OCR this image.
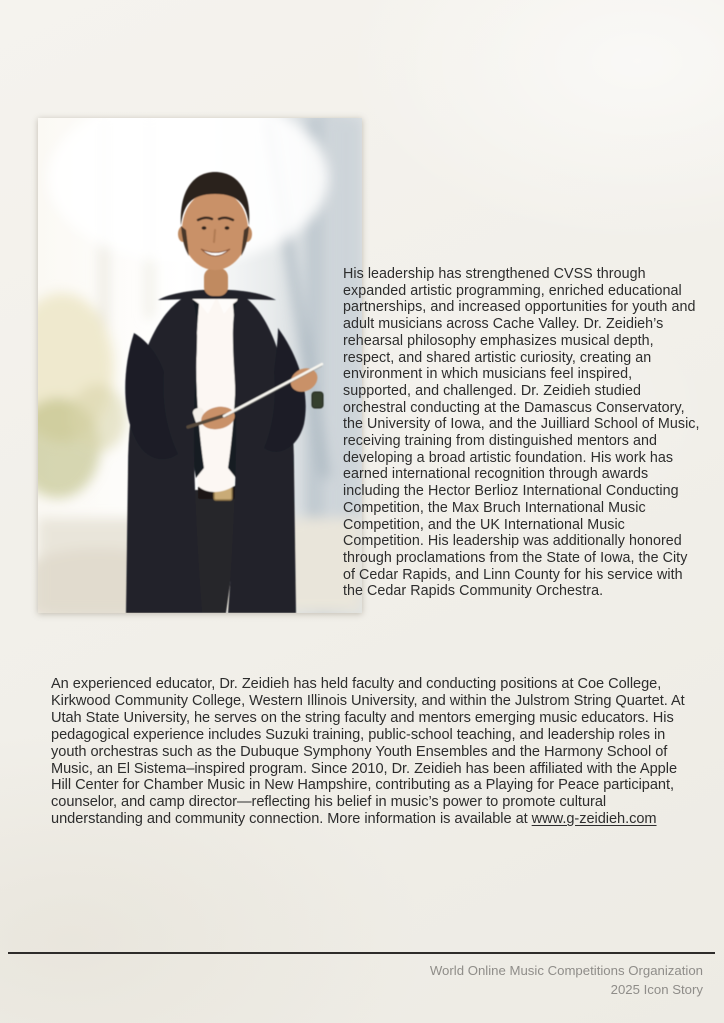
His leadership has strengthened CVSS through expanded artistic programming, enriched educational partnerships, and increased opportunities for youth and adult musicians across Cache Valley. Dr. Zeidieh’s rehearsal philosophy emphasizes musical depth, respect, and shared artistic curiosity, creating an environment in which musicians feel inspired, supported, and challenged. Dr. Zeidieh studied orchestral conducting at the Damascus Conservatory, the University of Iowa, and the Juilliard School of Music, receiving training from distinguished mentors and developing a broad artistic foundation. His work has earned international recognition through awards including the Hector Berlioz International Conducting Competition, the Max Bruch International Music Competition, and the UK International Music Competition. His leadership was additionally honored through proclamations from the State of Iowa, the City of Cedar Rapids, and Linn County for his service with the Cedar Rapids Community Orchestra.

An experienced educator, Dr. Zeidieh has held faculty and conducting positions at Coe College, Kirkwood Community College, Western Illinois University, and within the Julstrom String Quartet. At Utah State University, he serves on the string faculty and mentors emerging music educators. His pedagogical experience includes Suzuki training, public-school teaching, and leadership roles in youth orchestras such as the Dubuque Symphony Youth Ensembles and the Harmony School of Music, an El Sistema–inspired program. Since 2010, Dr. Zeidieh has been affiliated with the Apple Hill Center for Chamber Music in New Hampshire, contributing as a Playing for Peace participant, counselor, and camp director—reflecting his belief in music’s power to promote cultural understanding and community connection. More information is available at www.g-zeidieh.com

World Online Music Competitions Organization
2025 Icon Story
